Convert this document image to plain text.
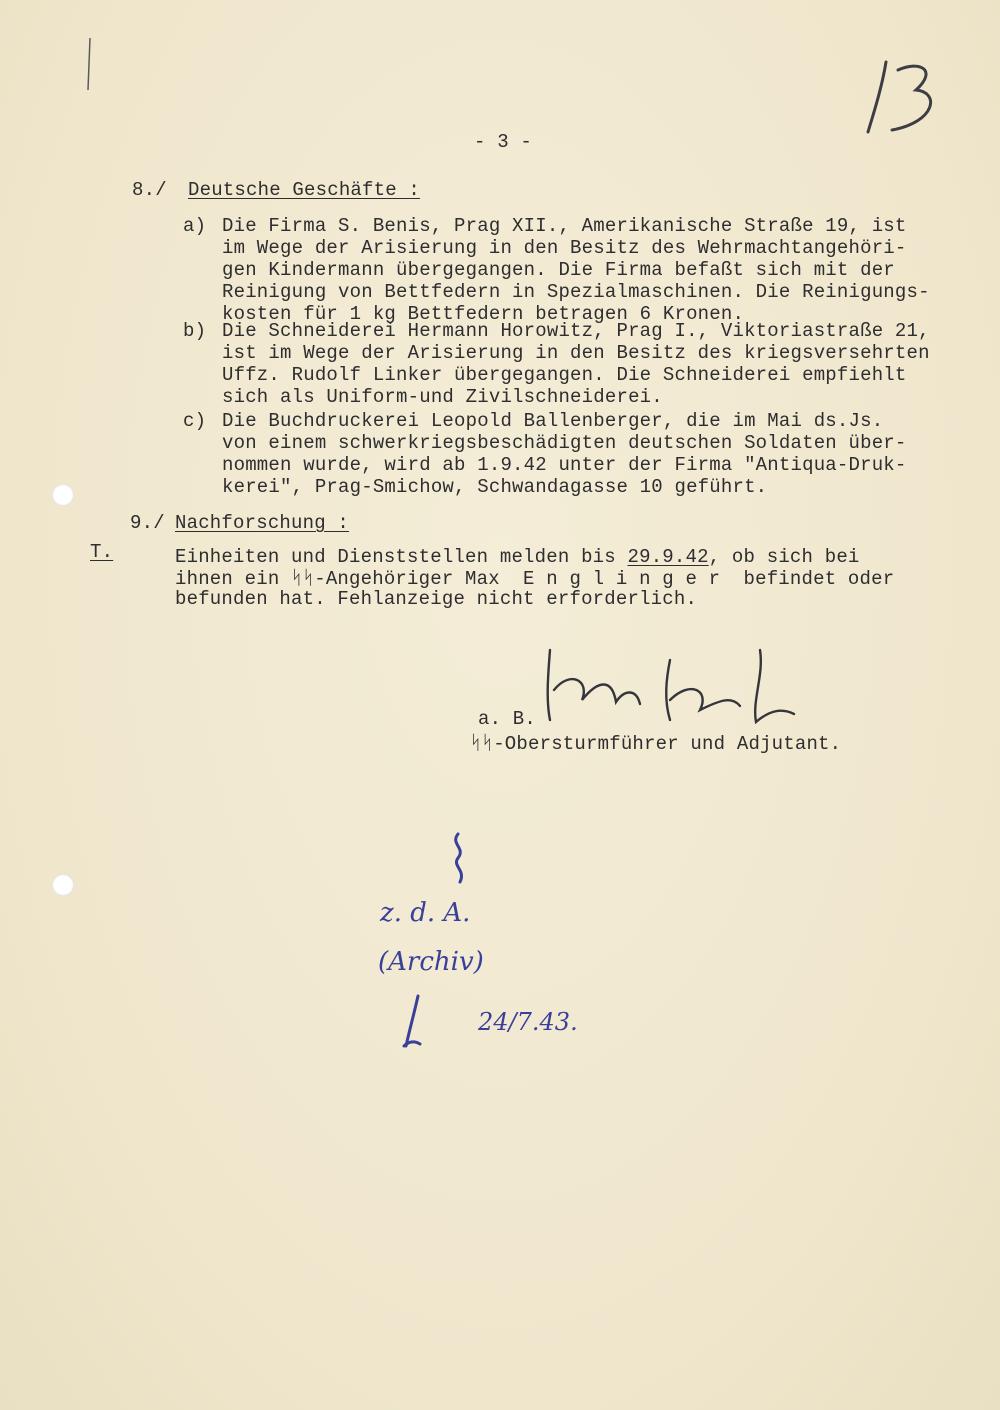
- 3 -
8./ Deutsche Geschäfte :
a) Die Firma S. Benis, Prag XII., Amerikanische Straße 19, ist
im Wege der Arisierung in den Besitz des Wehrmachtangehöri-
gen Kindermann übergegangen. Die Firma befaßt sich mit der
Reinigung von Bettfedern in Spezialmaschinen. Die Reinigungs-
kosten für 1 kg Bettfedern betragen 6 Kronen.
b) Die Schneiderei Hermann Horowitz, Prag I., Viktoriastraße 21,
ist im Wege der Arisierung in den Besitz des kriegsversehrten
Uffz. Rudolf Linker übergegangen. Die Schneiderei empfiehlt
sich als Uniform-und Zivilschneiderei.
c) Die Buchdruckerei Leopold Ballenberger, die im Mai ds.Js.
von einem schwerkriegsbeschädigten deutschen Soldaten über-
nommen wurde, wird ab 1.9.42 unter der Firma "Antiqua-Druk-
kerei", Prag-Smichow, Schwandagasse 10 geführt.
9./ Nachforschung :
T.	Einheiten und Dienststellen melden bis 29.9.42, ob sich bei
ihnen ein ᛋᛋ-Angehöriger Max  E n g l i n g e r  befindet oder
befunden hat. Fehlanzeige nicht erforderlich.
a. B.
ᛋᛋ-Obersturmführer und Adjutant.
z. d. A.
(Archiv)
24/7.43.
